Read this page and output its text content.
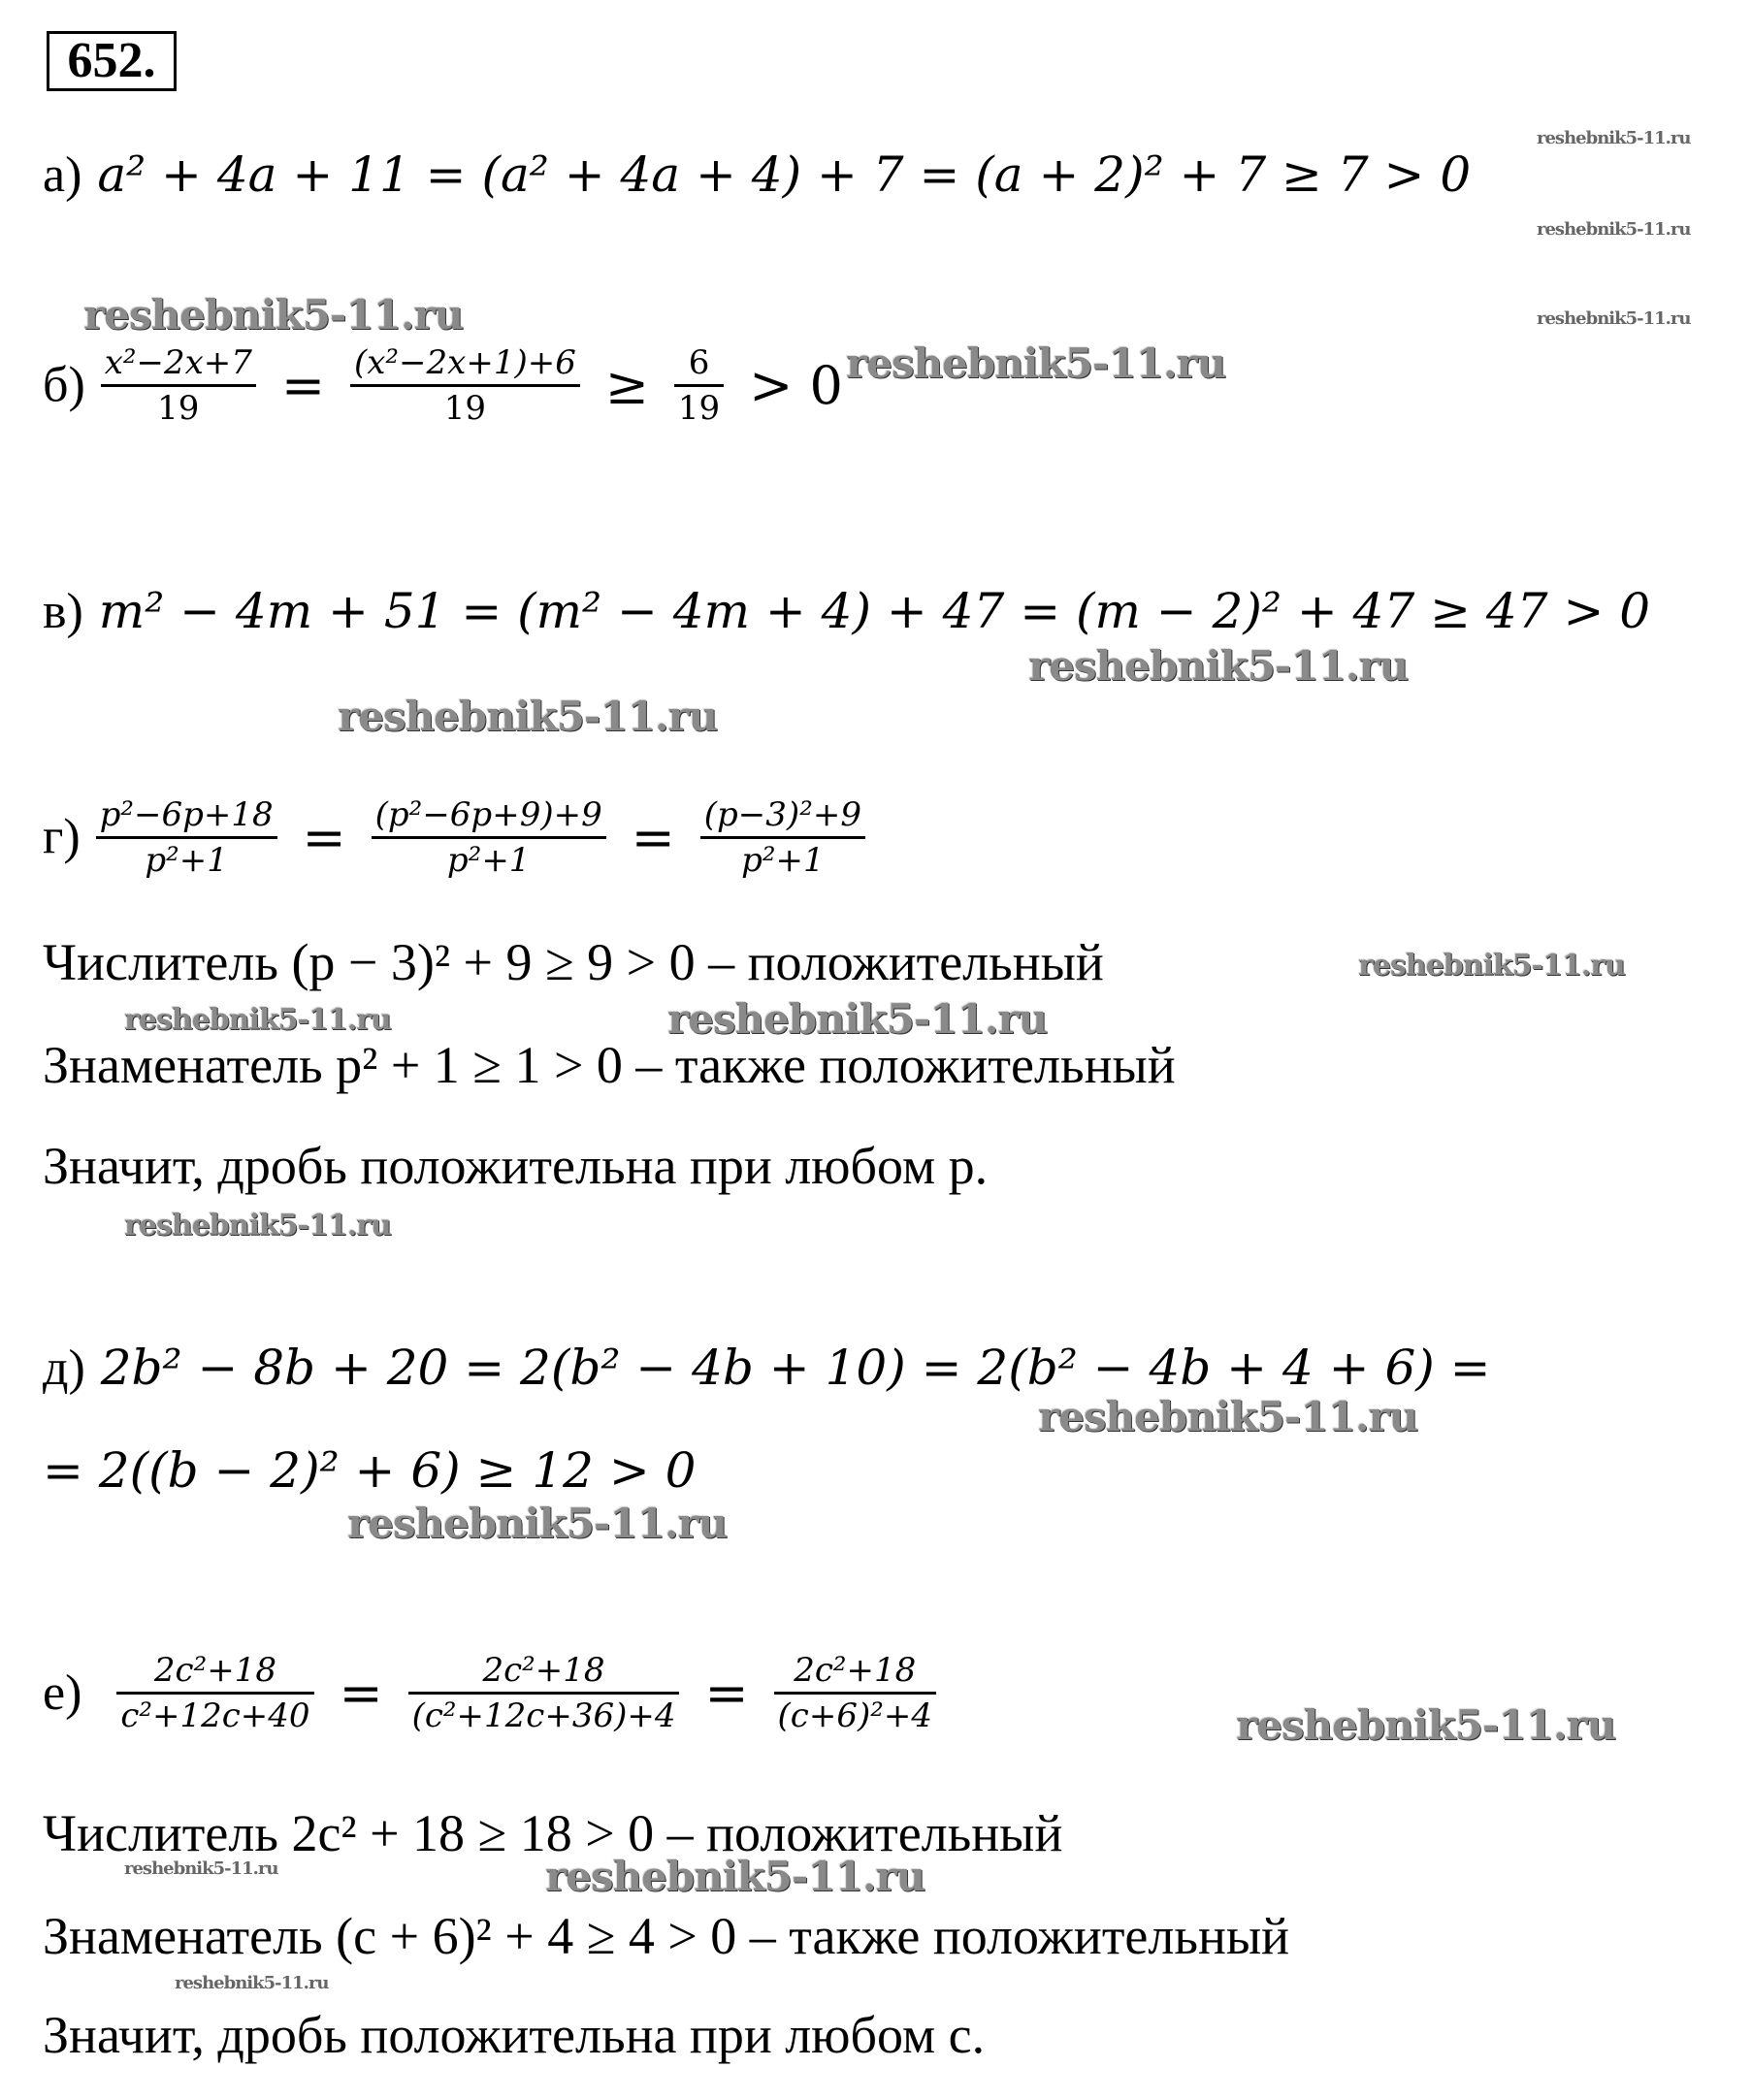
652.
а) a² + 4a + 11 = (a² + 4a + 4) + 7 = (a + 2)² + 7 ≥ 7 > 0
$б) \frac{\text{x²−2x+7}}{19} = \frac{\text{(x²−2x+1)+6}}{19} \ge \frac{6}{19} > 0$
в) m² − 4m + 51 = (m² − 4m + 4) + 47 = (m − 2)² + 47 ≥ 47 > 0
$г) \frac{\text{p²−6p+18}}{\text{p²+1}} = \frac{\text{(p²−6p+9)+9}}{\text{p²+1}} = \frac{\text{(p−3)²+9}}{\text{p²+1}}$
Числитель (p − 3)² + 9 ≥ 9 > 0 – положительный
Знаменатель p² + 1 ≥ 1 > 0 – также положительный
Значит, дробь положительна при любом p.
д) 2b² − 8b + 20 = 2(b² − 4b + 10) = 2(b² − 4b + 4 + 6) =
= 2((b − 2)² + 6) ≥ 12 > 0
$е) \frac{\text{2c²+18}}{\text{c²+12c+40}} = \frac{\text{2c²+18}}{\text{(c²+12c+36)+4}} = \frac{\text{2c²+18}}{\text{(c+6)²+4}}$
Числитель 2c² + 18 ≥ 18 > 0 – положительный
Знаменатель (c + 6)² + 4 ≥ 4 > 0 – также положительный
Значит, дробь положительна при любом c.
reshebnik5-11.ru
reshebnik5-11.ru
reshebnik5-11.ru
reshebnik5-11.ru
reshebnik5-11.ru
reshebnik5-11.ru
reshebnik5-11.ru
reshebnik5-11.ru
reshebnik5-11.ru	reshebnik5-11.ru
reshebnik5-11.ru
reshebnik5-11.ru
reshebnik5-11.ru
reshebnik5-11.ru
reshebnik5-11.ru	reshebnik5-11.ru
reshebnik5-11.ru
